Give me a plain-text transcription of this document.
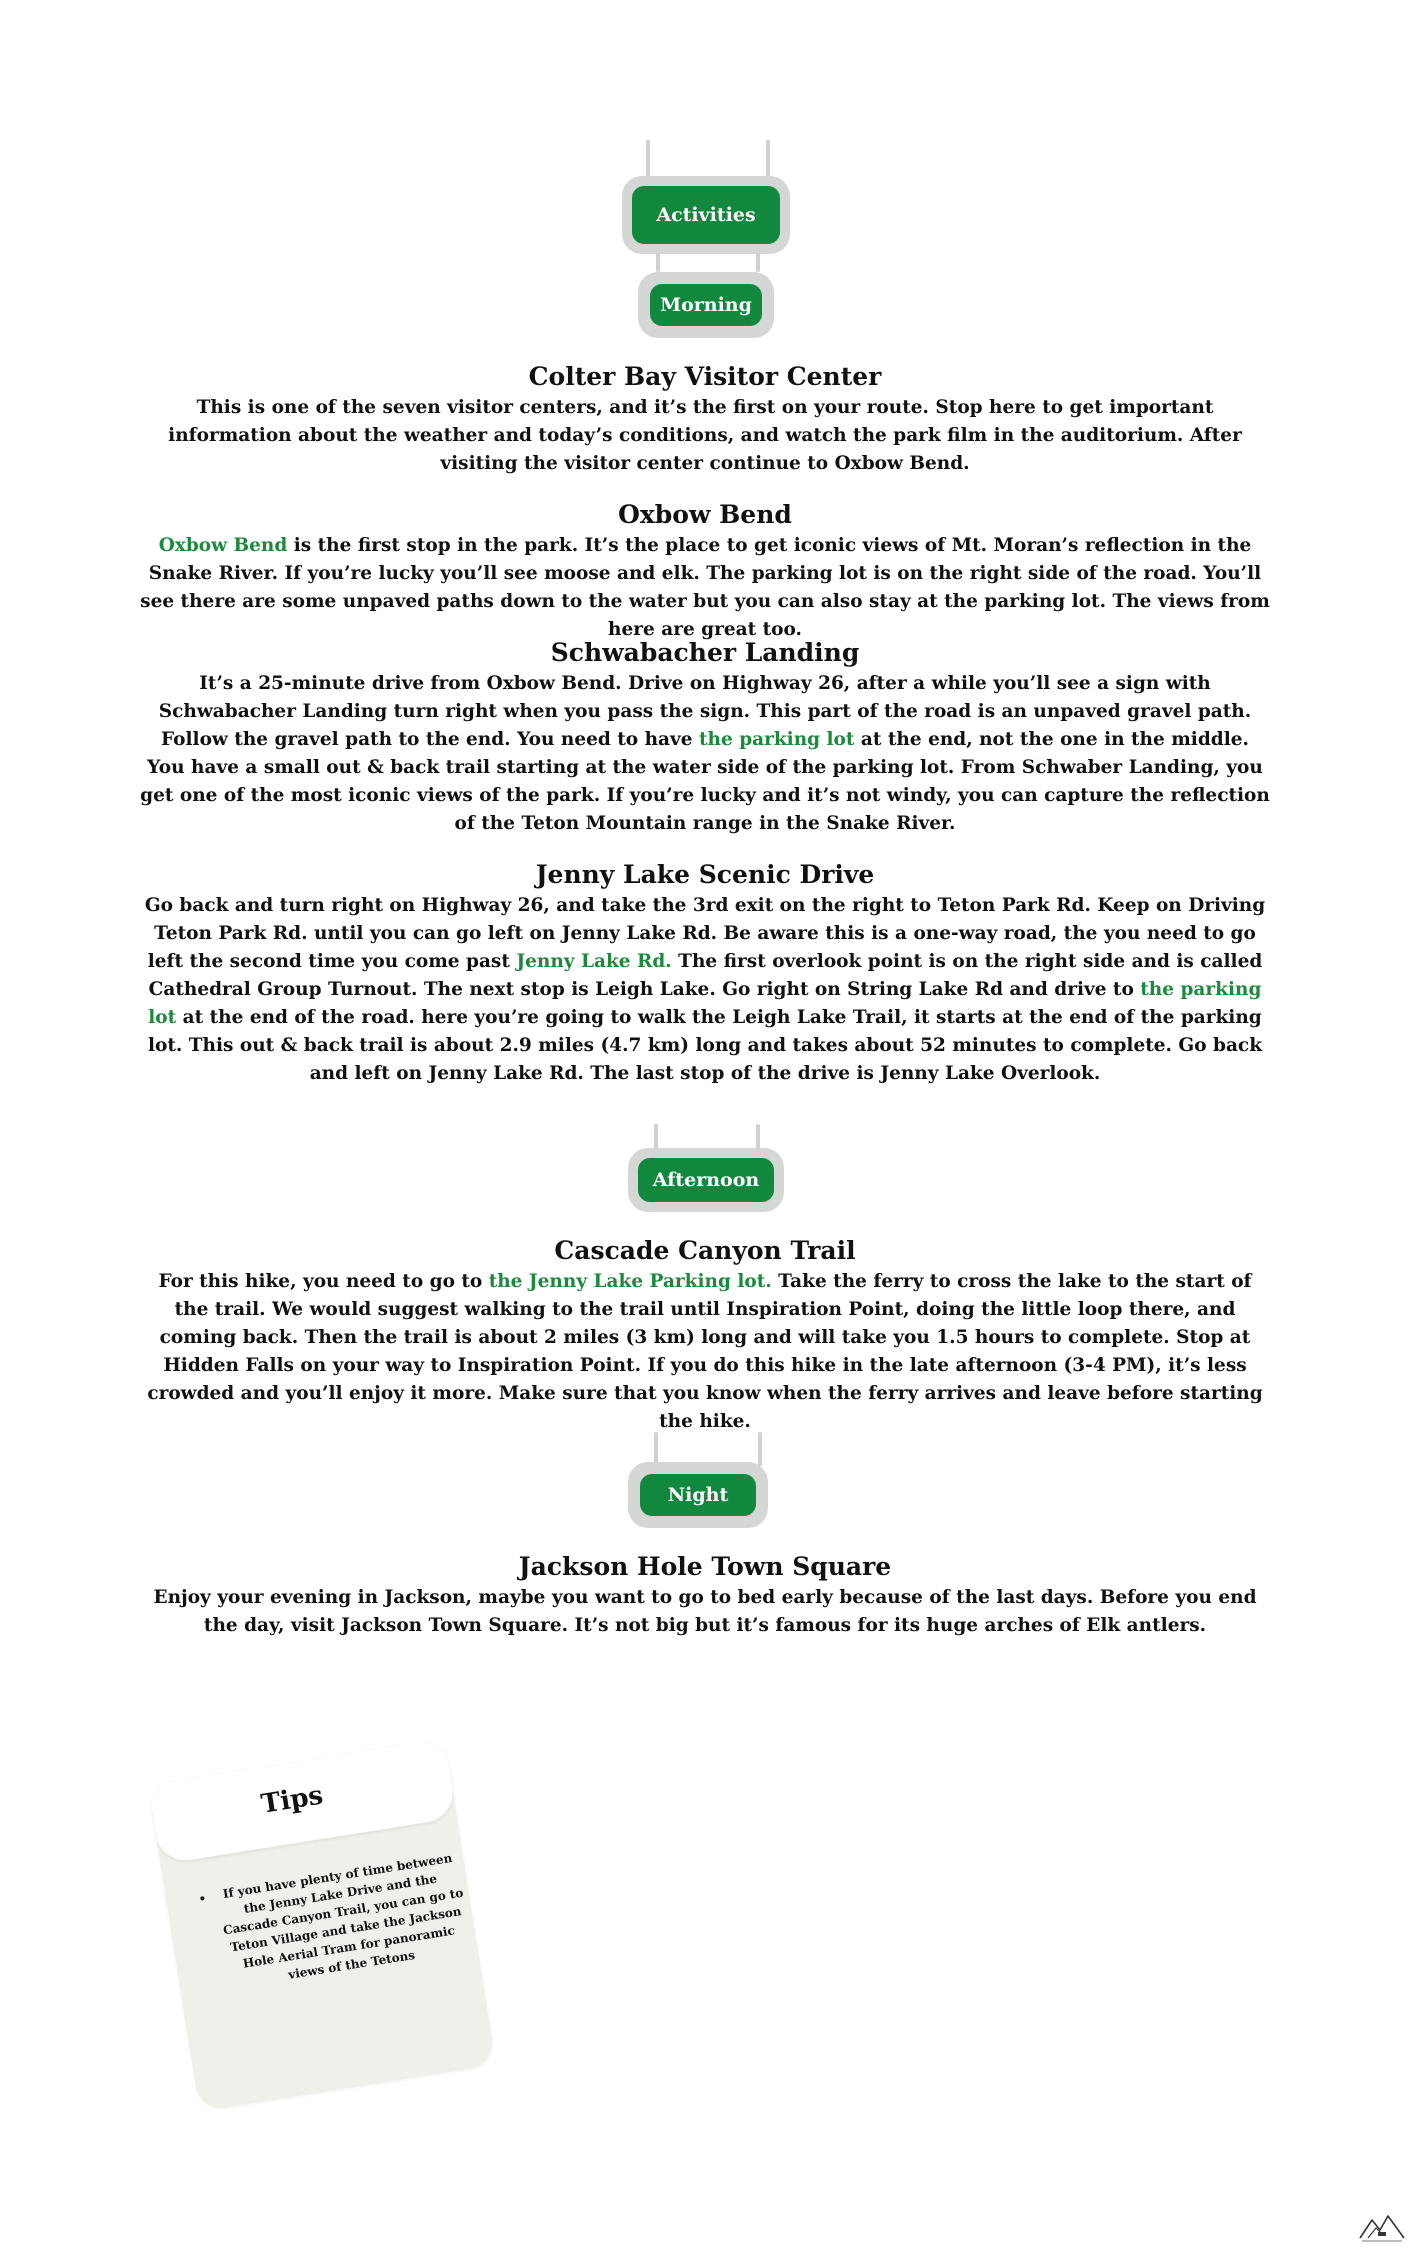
Activities
Morning
Colter Bay Visitor Center

This is one of the seven visitor centers, and it’s the first on your route. Stop here to get important information about the weather and today’s conditions, and watch the park film in the auditorium. After visiting the visitor center continue to Oxbow Bend.

Oxbow Bend

Oxbow Bend is the first stop in the park. It’s the place to get iconic views of Mt. Moran’s reflection in the Snake River. If you’re lucky you’ll see moose and elk. The parking lot is on the right side of the road. You’ll see there are some unpaved paths down to the water but you can also stay at the parking lot. The views from here are great too.

Schwabacher Landing

It’s a 25-minute drive from Oxbow Bend. Drive on Highway 26, after a while you’ll see a sign with Schwabacher Landing turn right when you pass the sign. This part of the road is an unpaved gravel path. Follow the gravel path to the end. You need to have the parking lot at the end, not the one in the middle. You have a small out & back trail starting at the water side of the parking lot. From Schwaber Landing, you get one of the most iconic views of the park. If you’re lucky and it’s not windy, you can capture the reflection of the Teton Mountain range in the Snake River.

Jenny Lake Scenic Drive

Go back and turn right on Highway 26, and take the 3rd exit on the right to Teton Park Rd. Keep on Driving Teton Park Rd. until you can go left on Jenny Lake Rd. Be aware this is a one-way road, the you need to go left the second time you come past Jenny Lake Rd. The first overlook point is on the right side and is called Cathedral Group Turnout. The next stop is Leigh Lake. Go right on String Lake Rd and drive to the parking lot at the end of the road. here you’re going to walk the Leigh Lake Trail, it starts at the end of the parking lot. This out & back trail is about 2.9 miles (4.7 km) long and takes about 52 minutes to complete. Go back and left on Jenny Lake Rd. The last stop of the drive is Jenny Lake Overlook.

Afternoon
Cascade Canyon Trail

For this hike, you need to go to the Jenny Lake Parking lot. Take the ferry to cross the lake to the start of the trail. We would suggest walking to the trail until Inspiration Point, doing the little loop there, and coming back. Then the trail is about 2 miles (3 km) long and will take you 1.5 hours to complete. Stop at Hidden Falls on your way to Inspiration Point. If you do this hike in the late afternoon (3-4 PM), it’s less crowded and you’ll enjoy it more. Make sure that you know when the ferry arrives and leave before starting the hike.

Night
Jackson Hole Town Square

Enjoy your evening in Jackson, maybe you want to go to bed early because of the last days. Before you end the day, visit Jackson Town Square. It’s not big but it’s famous for its huge arches of Elk antlers.

Tips
• If you have plenty of time between the Jenny Lake Drive and the Cascade Canyon Trail, you can go to Teton Village and take the Jackson Hole Aerial Tram for panoramic views of the Tetons
